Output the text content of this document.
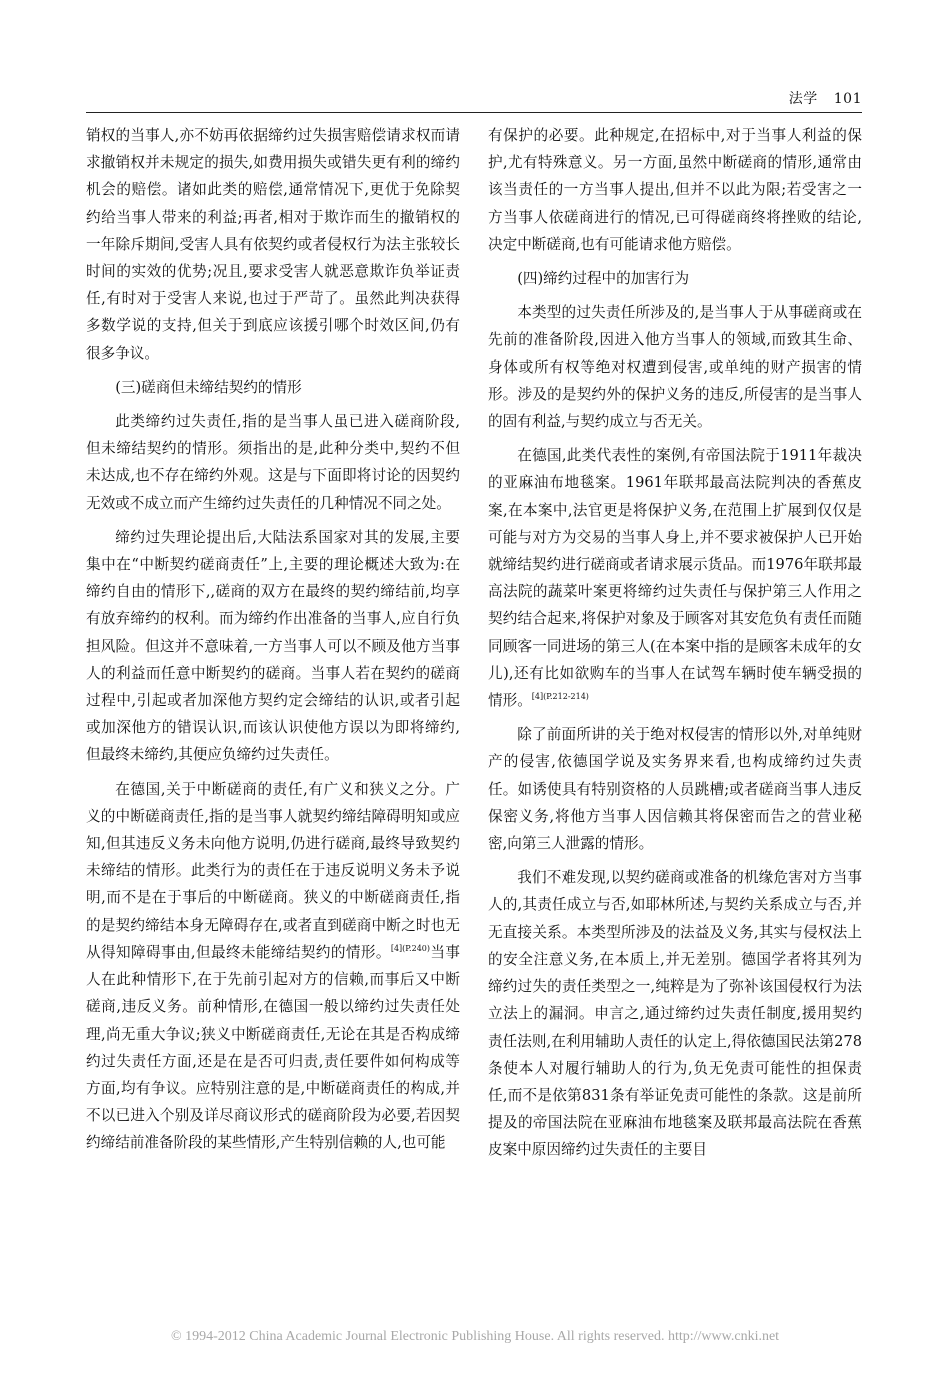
法学 101

销权的当事人,亦不妨再依据缔约过失损害赔偿请求权而请求撤销权并未规定的损失,如费用损失或错失更有利的缔约机会的赔偿。诸如此类的赔偿,通常情况下,更优于免除契约给当事人带来的利益;再者,相对于欺诈而生的撤销权的一年除斥期间,受害人具有依契约或者侵权行为法主张较长时间的实效的优势;况且,要求受害人就恶意欺诈负举证责任,有时对于受害人来说,也过于严苛了。虽然此判决获得多数学说的支持,但关于到底应该援引哪个时效区间,仍有很多争议。

(三)磋商但未缔结契约的情形

此类缔约过失责任,指的是当事人虽已进入磋商阶段,但未缔结契约的情形。须指出的是,此种分类中,契约不但未达成,也不存在缔约外观。这是与下面即将讨论的因契约无效或不成立而产生缔约过失责任的几种情况不同之处。

缔约过失理论提出后,大陆法系国家对其的发展,主要集中在“中断契约磋商责任”上,主要的理论概述大致为:在缔约自由的情形下,,磋商的双方在最终的契约缔结前,均享有放弃缔约的权利。而为缔约作出准备的当事人,应自行负担风险。但这并不意味着,一方当事人可以不顾及他方当事人的利益而任意中断契约的磋商。当事人若在契约的磋商过程中,引起或者加深他方契约定会缔结的认识,或者引起或加深他方的错误认识,而该认识使他方误以为即将缔约,但最终未缔约,其便应负缔约过失责任。

在德国,关于中断磋商的责任,有广义和狭义之分。广义的中断磋商责任,指的是当事人就契约缔结障碍明知或应知,但其违反义务未向他方说明,仍进行磋商,最终导致契约未缔结的情形。此类行为的责任在于违反说明义务未予说明,而不是在于事后的中断磋商。狭义的中断磋商责任,指的是契约缔结本身无障碍存在,或者直到磋商中断之时也无从得知障碍事由,但最终未能缔结契约的情形。$^{[4](P.240)}$当事人在此种情形下,在于先前引起对方的信赖,而事后又中断磋商,违反义务。前种情形,在德国一般以缔约过失责任处理,尚无重大争议;狭义中断磋商责任,无论在其是否构成缔约过失责任方面,还是在是否可归责,责任要件如何构成等方面,均有争议。应特别注意的是,中断磋商责任的构成,并不以已进入个别及详尽商议形式的磋商阶段为必要,若因契约缔结前准备阶段的某些情形,产生特别信赖的人,也可能

有保护的必要。此种规定,在招标中,对于当事人利益的保护,尤有特殊意义。另一方面,虽然中断磋商的情形,通常由该当责任的一方当事人提出,但并不以此为限;若受害之一方当事人依磋商进行的情况,已可得磋商终将挫败的结论,决定中断磋商,也有可能请求他方赔偿。

(四)缔约过程中的加害行为

本类型的过失责任所涉及的,是当事人于从事磋商或在先前的准备阶段,因进入他方当事人的领域,而致其生命、身体或所有权等绝对权遭到侵害,或单纯的财产损害的情形。涉及的是契约外的保护义务的违反,所侵害的是当事人的固有利益,与契约成立与否无关。

在德国,此类代表性的案例,有帝国法院于1911年裁决的亚麻油布地毯案。1961年联邦最高法院判决的香蕉皮案,在本案中,法官更是将保护义务,在范围上扩展到仅仅是可能与对方为交易的当事人身上,并不要求被保护人已开始就缔结契约进行磋商或者请求展示货品。而1976年联邦最高法院的蔬菜叶案更将缔约过失责任与保护第三人作用之契约结合起来,将保护对象及于顾客对其安危负有责任而随同顾客一同进场的第三人(在本案中指的是顾客未成年的女儿),还有比如欲购车的当事人在试驾车辆时使车辆受损的情形。$^{[4](P.212-214)}$

除了前面所讲的关于绝对权侵害的情形以外,对单纯财产的侵害,依德国学说及实务界来看,也构成缔约过失责任。如诱使具有特别资格的人员跳槽;或者磋商当事人违反保密义务,将他方当事人因信赖其将保密而告之的营业秘密,向第三人泄露的情形。

我们不难发现,以契约磋商或准备的机缘危害对方当事人的,其责任成立与否,如耶林所述,与契约关系成立与否,并无直接关系。本类型所涉及的法益及义务,其实与侵权法上的安全注意义务,在本质上,并无差别。德国学者将其列为缔约过失的责任类型之一,纯粹是为了弥补该国侵权行为法立法上的漏洞。申言之,通过缔约过失责任制度,援用契约责任法则,在利用辅助人责任的认定上,得依德国民法第278条使本人对履行辅助人的行为,负无免责可能性的担保责任,而不是依第831条有举证免责可能性的条款。这是前所提及的帝国法院在亚麻油布地毯案及联邦最高法院在香蕉皮案中原因缔约过失责任的主要目

© 1994-2012 China Academic Journal Electronic Publishing House. All rights reserved. http://www.cnki.net
